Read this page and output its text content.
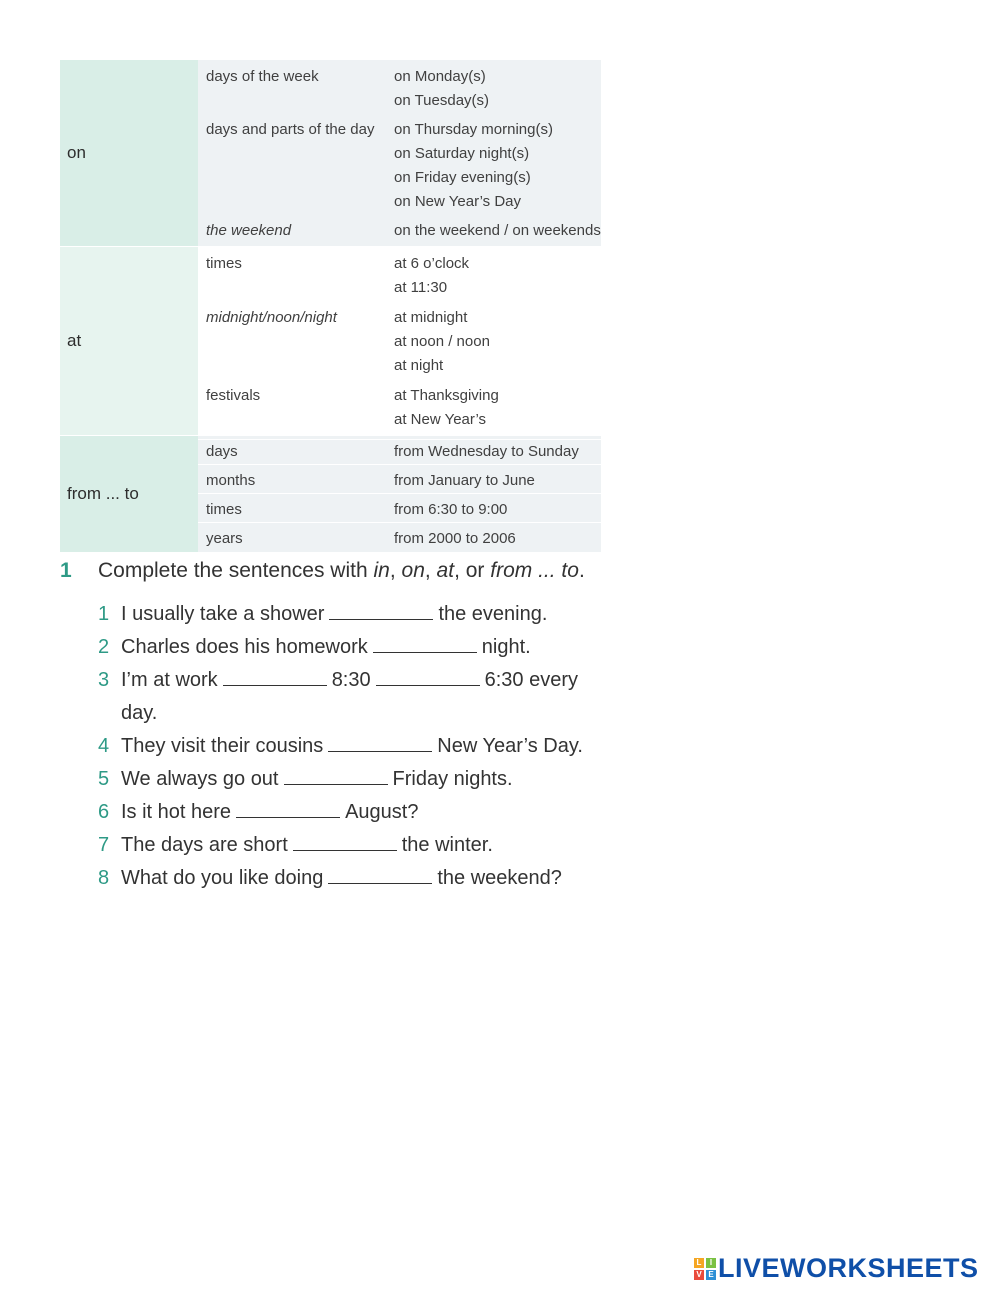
on	
days of the week	on Monday(s)
on Tuesday(s)

days and parts of the day	on Thursday morning(s)
on Saturday night(s)
on Friday evening(s)
on New Year’s Day

the weekend	on the weekend / on weekends

at	
times	at 6 o’clock
at 11:30

midnight/noon/night	at midnight
at noon / noon
at night

festivals	at Thanksgiving
at New Year’s

from ... to	
days	from Wednesday to Sunday
months	from January to June
times	from 6:30 to 9:00
years	from 2000 to 2006
1 Complete the sentences with in, on, at, or from ... to.
1 I usually take a shower	the evening.
2 Charles does his homework	night.
3 I’m at work	8:30	6:30 every day.
4 They visit their cousins	New Year’s Day.
5 We always go out	Friday nights.
6 Is it hot here	August?
7 The days are short	the winter.
8 What do you like doing	the weekend?
L	I
V E LIVEWORKSHEETS
